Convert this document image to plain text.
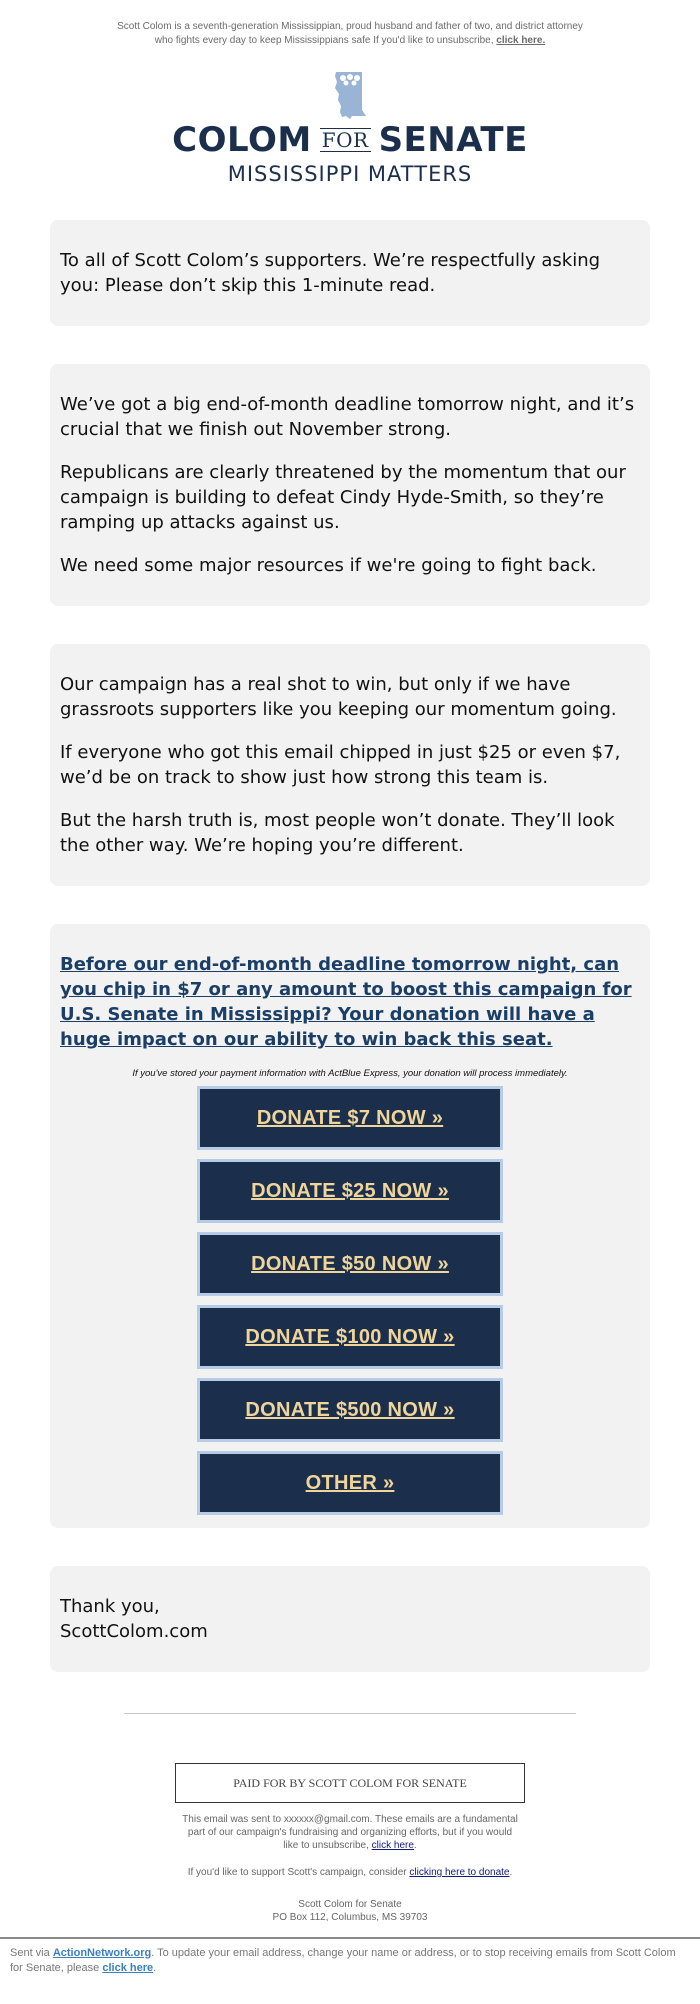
Scott Colom is a seventh-generation Mississippian, proud husband and father of two, and district attorney who fights every day to keep Mississippians safe If you'd like to unsubscribe, click here.
COLOM FOR SENATE
MISSISSIPPI MATTERS

To all of Scott Colom’s supporters. We’re respectfully asking you: Please don’t skip this 1-minute read.

We’ve got a big end-of-month deadline tomorrow night, and it’s crucial that we finish out November strong.

Republicans are clearly threatened by the momentum that our campaign is building to defeat Cindy Hyde-Smith, so they’re ramping up attacks against us.

We need some major resources if we're going to fight back.

Our campaign has a real shot to win, but only if we have grassroots supporters like you keeping our momentum going.

If everyone who got this email chipped in just $25 or even $7, we’d be on track to show just how strong this team is.

But the harsh truth is, most people won’t donate. They’ll look the other way. We’re hoping you’re different.

Before our end-of-month deadline tomorrow night, can you chip in $7 or any amount to boost this campaign for U.S. Senate in Mississippi? Your donation will have a huge impact on our ability to win back this seat.
If you've stored your payment information with ActBlue Express, your donation will process immediately.
DONATE $7 NOW »
DONATE $25 NOW »
DONATE $50 NOW »
DONATE $100 NOW »
DONATE $500 NOW »
OTHER »
Thank you,
ScottColom.com
PAID FOR BY SCOTT COLOM FOR SENATE
This email was sent to xxxxxx@gmail.com. These emails are a fundamental part of our campaign's fundraising and organizing efforts, but if you would like to unsubscribe, click here.
If you'd like to support Scott's campaign, consider clicking here to donate.
Scott Colom for Senate
PO Box 112, Columbus, MS 39703
Sent via ActionNetwork.org. To update your email address, change your name or address, or to stop receiving emails from Scott Colom for Senate, please click here.
